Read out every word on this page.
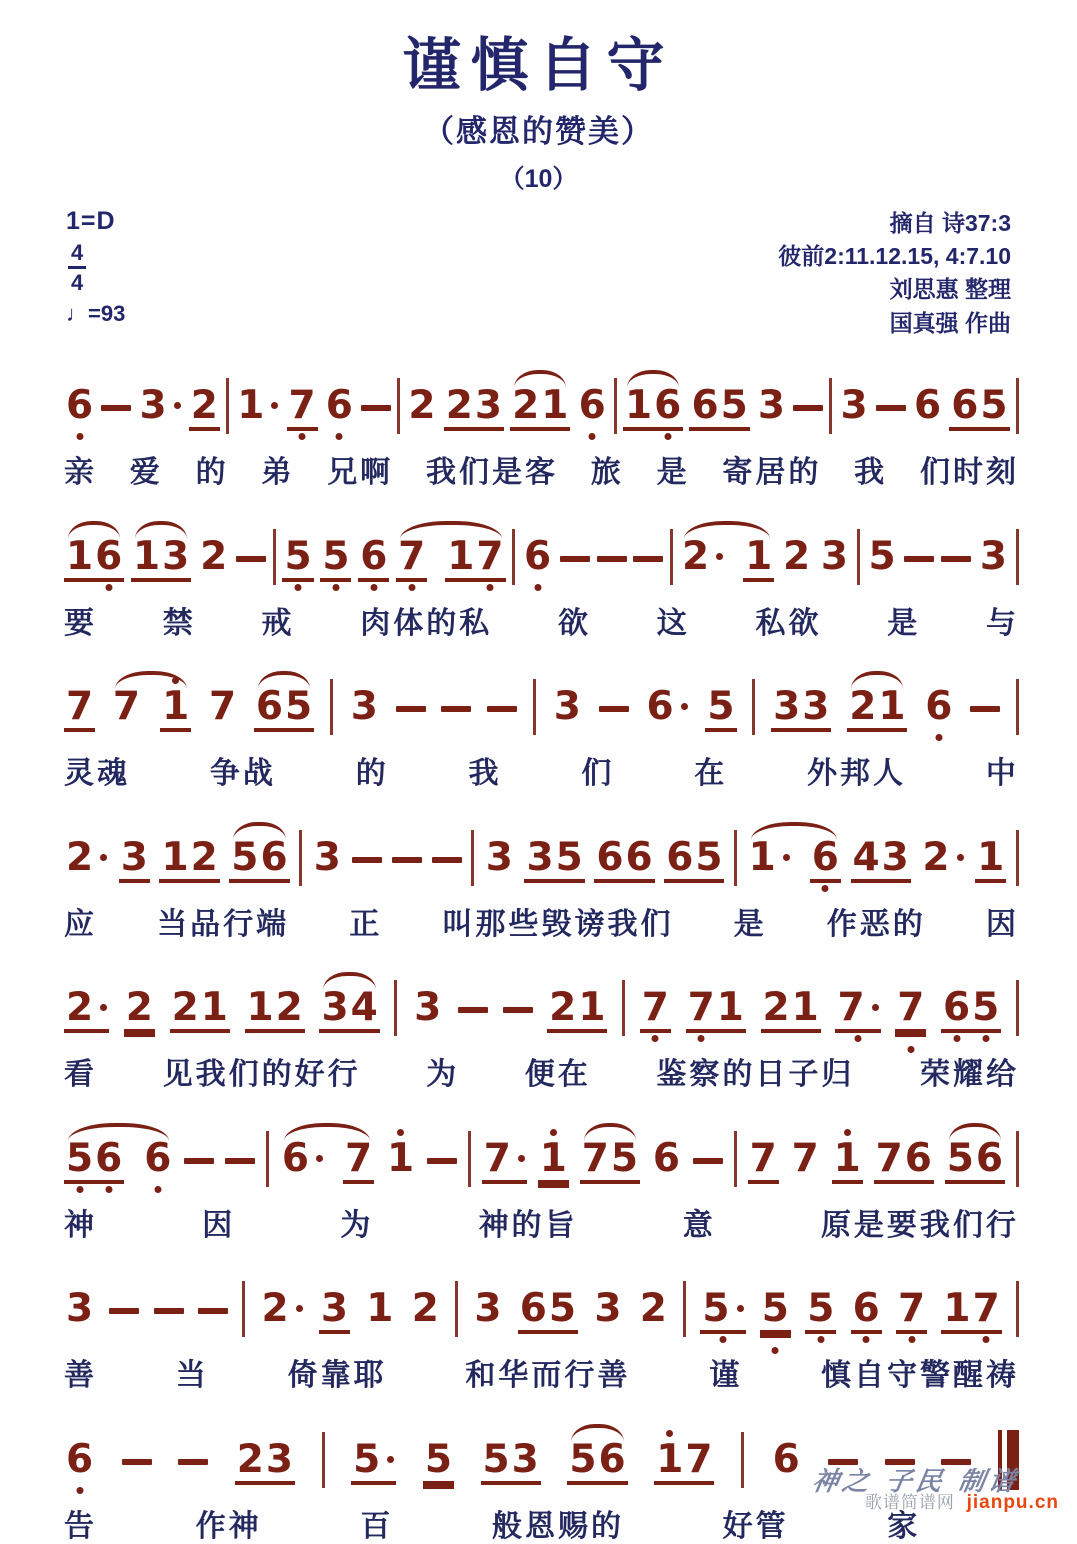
谨慎自守
（感恩的赞美）
（10）
1=D
$\frac{4}{4}$
♩=93
摘自 诗37:3
彼前2:11.12.15, 4:7.10
刘思惠 整理
国真强 作曲
6 3 2 1 7 6 2 2 3 2 1 6 1 6 6 5 3 3 6 6 5
亲 爱 的 弟 兄啊 我们是客 旅 是 寄居的 我 们时刻
1 6 1 3 2 5 5 6 7 1 7 6	2 1 2 3 5 3
要 禁 戒 肉体的私 欲 这 私欲 是 与
7 7 1 7 6 5 3	3 6 5 3 3 2 1 6
灵魂	争战	的	我	们	在	外邦人	中
2 3 1 2 5 6 3	3 3 5 6 6 6 5 1 6 4 3 2 1
应 当品行端 正 叫那些毁谤我们 是 作恶的 因
2 2 2 1 1 2 3 4 3	2 1 7 7 1 2 1 7 7 6 5
看 见我们的好行 为 便在 鉴察的日子归 荣耀给
5 6 6	6 7 1 7 1 7 5 6 7 7 1 7 6 5 6
神	因	为	神的旨	意	原是要我们行
3	2 3 1 2 3 6 5 3 2 5 5 5 6 7 1 7
善	当	倚靠耶	和华而行善	谨	慎自守警醒祷
6	2 3 5	5 5 3 5 6 1 7 6
告	作神	百	般恩赐的	好管	家
神之 子民 制谱
歌谱简谱网 jianpu.cn
